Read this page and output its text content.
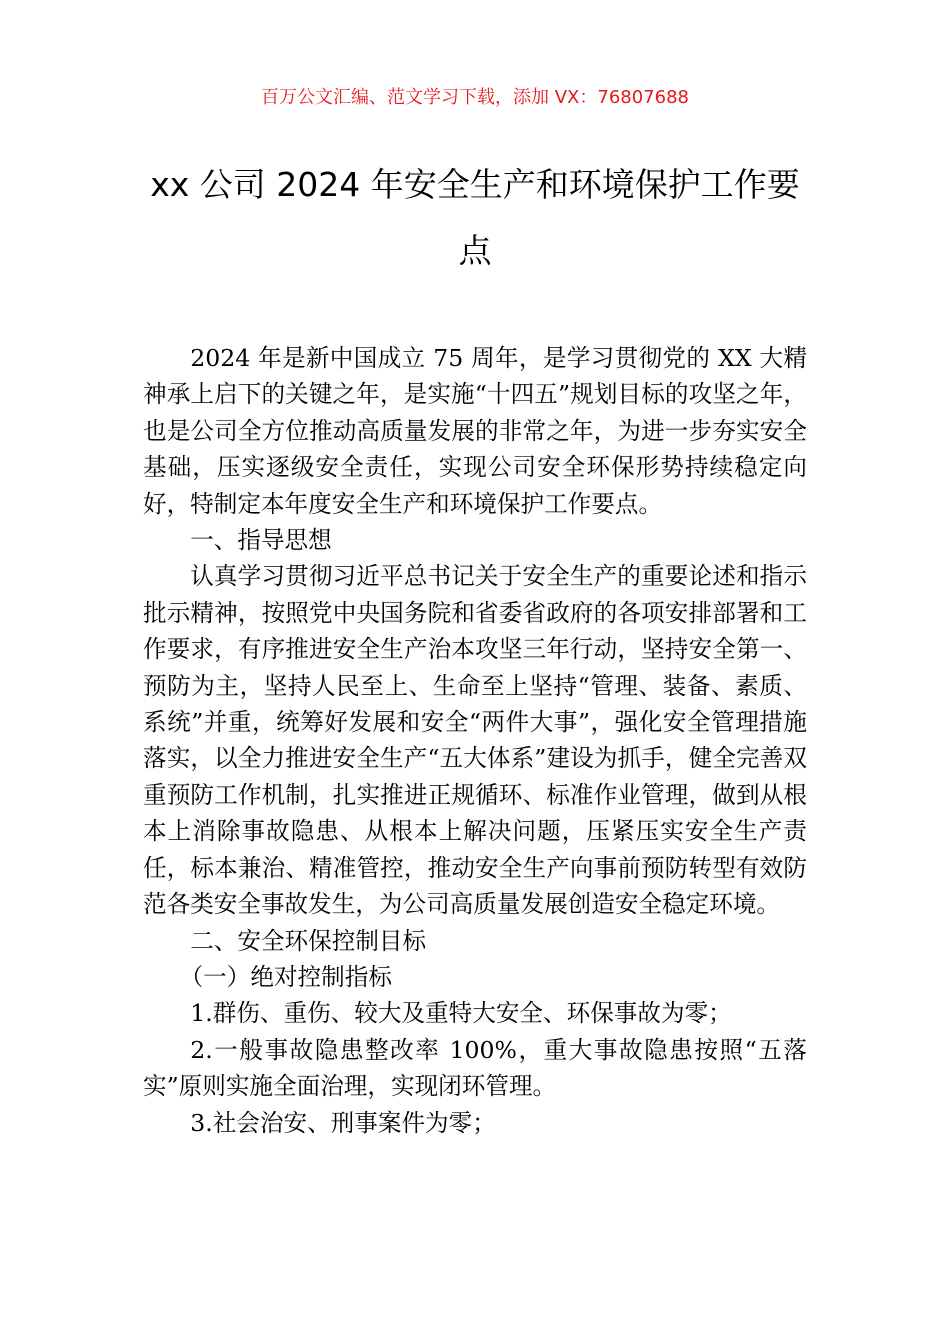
百万公文汇编、范文学习下载，添加 VX：76807688
xx 公司 2024 年安全生产和环境保护工作要点

2024 年是新中国成立 75 周年，是学习贯彻党的 XX 大精神承上启下的关键之年，是实施“十四五”规划目标的攻坚之年，也是公司全方位推动高质量发展的非常之年，为进一步夯实安全基础，压实逐级安全责任，实现公司安全环保形势持续稳定向好，特制定本年度安全生产和环境保护工作要点。

一、指导思想

认真学习贯彻习近平总书记关于安全生产的重要论述和指示批示精神，按照党中央国务院和省委省政府的各项安排部署和工作要求，有序推进安全生产治本攻坚三年行动，坚持安全第一、预防为主，坚持人民至上、生命至上坚持“管理、装备、素质、系统”并重，统筹好发展和安全“两件大事”，强化安全管理措施落实，以全力推进安全生产“五大体系”建设为抓手，健全完善双重预防工作机制，扎实推进正规循环、标准作业管理，做到从根本上消除事故隐患、从根本上解决问题，压紧压实安全生产责任，标本兼治、精准管控，推动安全生产向事前预防转型有效防范各类安全事故发生，为公司高质量发展创造安全稳定环境。

二、安全环保控制目标

（一）绝对控制指标

1.群伤、重伤、较大及重特大安全、环保事故为零；

2.一般事故隐患整改率 100%，重大事故隐患按照“五落实”原则实施全面治理，实现闭环管理。

3.社会治安、刑事案件为零；
